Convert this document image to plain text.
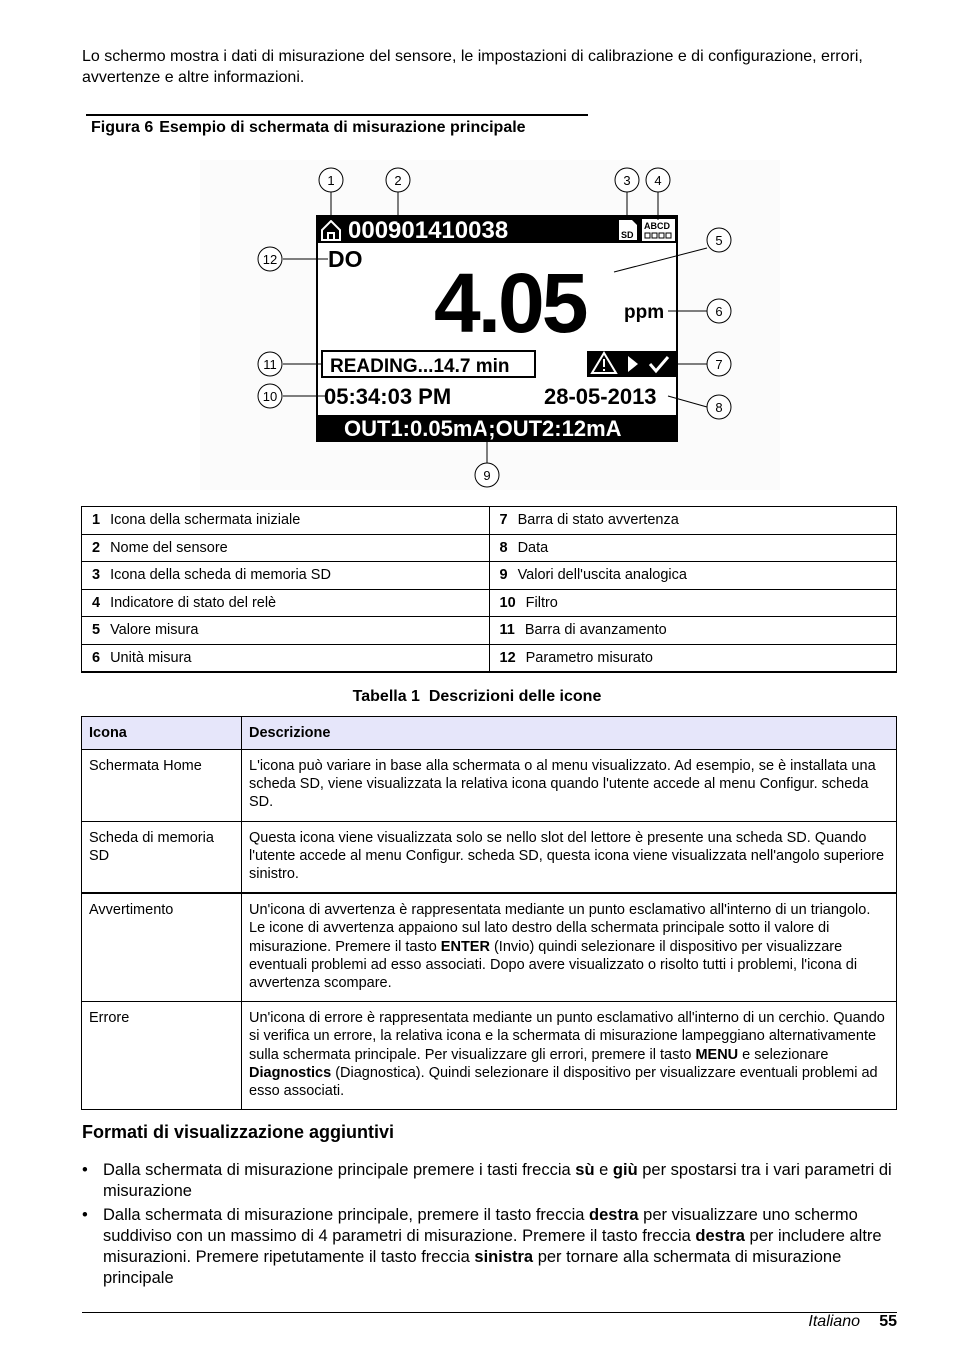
Lo schermo mostra i dati di misurazione del sensore, le impostazioni di calibrazione e di configurazione, errori, avvertenze e altre informazioni.

Figura 6 Esempio di schermata di misurazione principale

000901410038	SD
ABCD
DO 4.05 ppm
READING...14.7 min
05:34:03 PM	28-05-2013
OUT1:0.05mA;OUT2:12mA
1	2	3 4
5
6
7
8
9
10
11
12
1 Icona della schermata iniziale	7 Barra di stato avvertenza
2 Nome del sensore	8 Data
3 Icona della scheda di memoria SD	9 Valori dell'uscita analogica
4 Indicatore di stato del relè	10 Filtro
5 Valore misura	11 Barra di avanzamento
6 Unità misura	12 Parametro misurato

Tabella 1 Descrizioni delle icone

Icona	Descrizione
Schermata Home	L'icona può variare in base alla schermata o al menu visualizzato. Ad esempio, se è installata una scheda SD, viene visualizzata la relativa icona quando l'utente accede al menu Configur. scheda SD.
Scheda di memoria SD	Questa icona viene visualizzata solo se nello slot del lettore è presente una scheda SD. Quando l'utente accede al menu Configur. scheda SD, questa icona viene visualizzata nell'angolo superiore sinistro.
Avvertimento	Un'icona di avvertenza è rappresentata mediante un punto esclamativo all'interno di un triangolo. Le icone di avvertenza appaiono sul lato destro della schermata principale sotto il valore di misurazione. Premere il tasto ENTER (Invio) quindi selezionare il dispositivo per visualizzare eventuali problemi ad esso associati. Dopo avere visualizzato o risolto tutti i problemi, l'icona di avvertenza scompare.
Errore	Un'icona di errore è rappresentata mediante un punto esclamativo all'interno di un cerchio. Quando si verifica un errore, la relativa icona e la schermata di misurazione lampeggiano alternativamente sulla schermata principale. Per visualizzare gli errori, premere il tasto MENU e selezionare Diagnostics (Diagnostica). Quindi selezionare il dispositivo per visualizzare eventuali problemi ad esso associati.
Formati di visualizzazione aggiuntivi
• Dalla schermata di misurazione principale premere i tasti freccia sù e giù per spostarsi tra i vari parametri di misurazione
• Dalla schermata di misurazione principale, premere il tasto freccia destra per visualizzare uno schermo suddiviso con un massimo di 4 parametri di misurazione. Premere il tasto freccia destra per includere altre misurazioni. Premere ripetutamente il tasto freccia sinistra per tornare alla schermata di misurazione principale
Italiano 55
